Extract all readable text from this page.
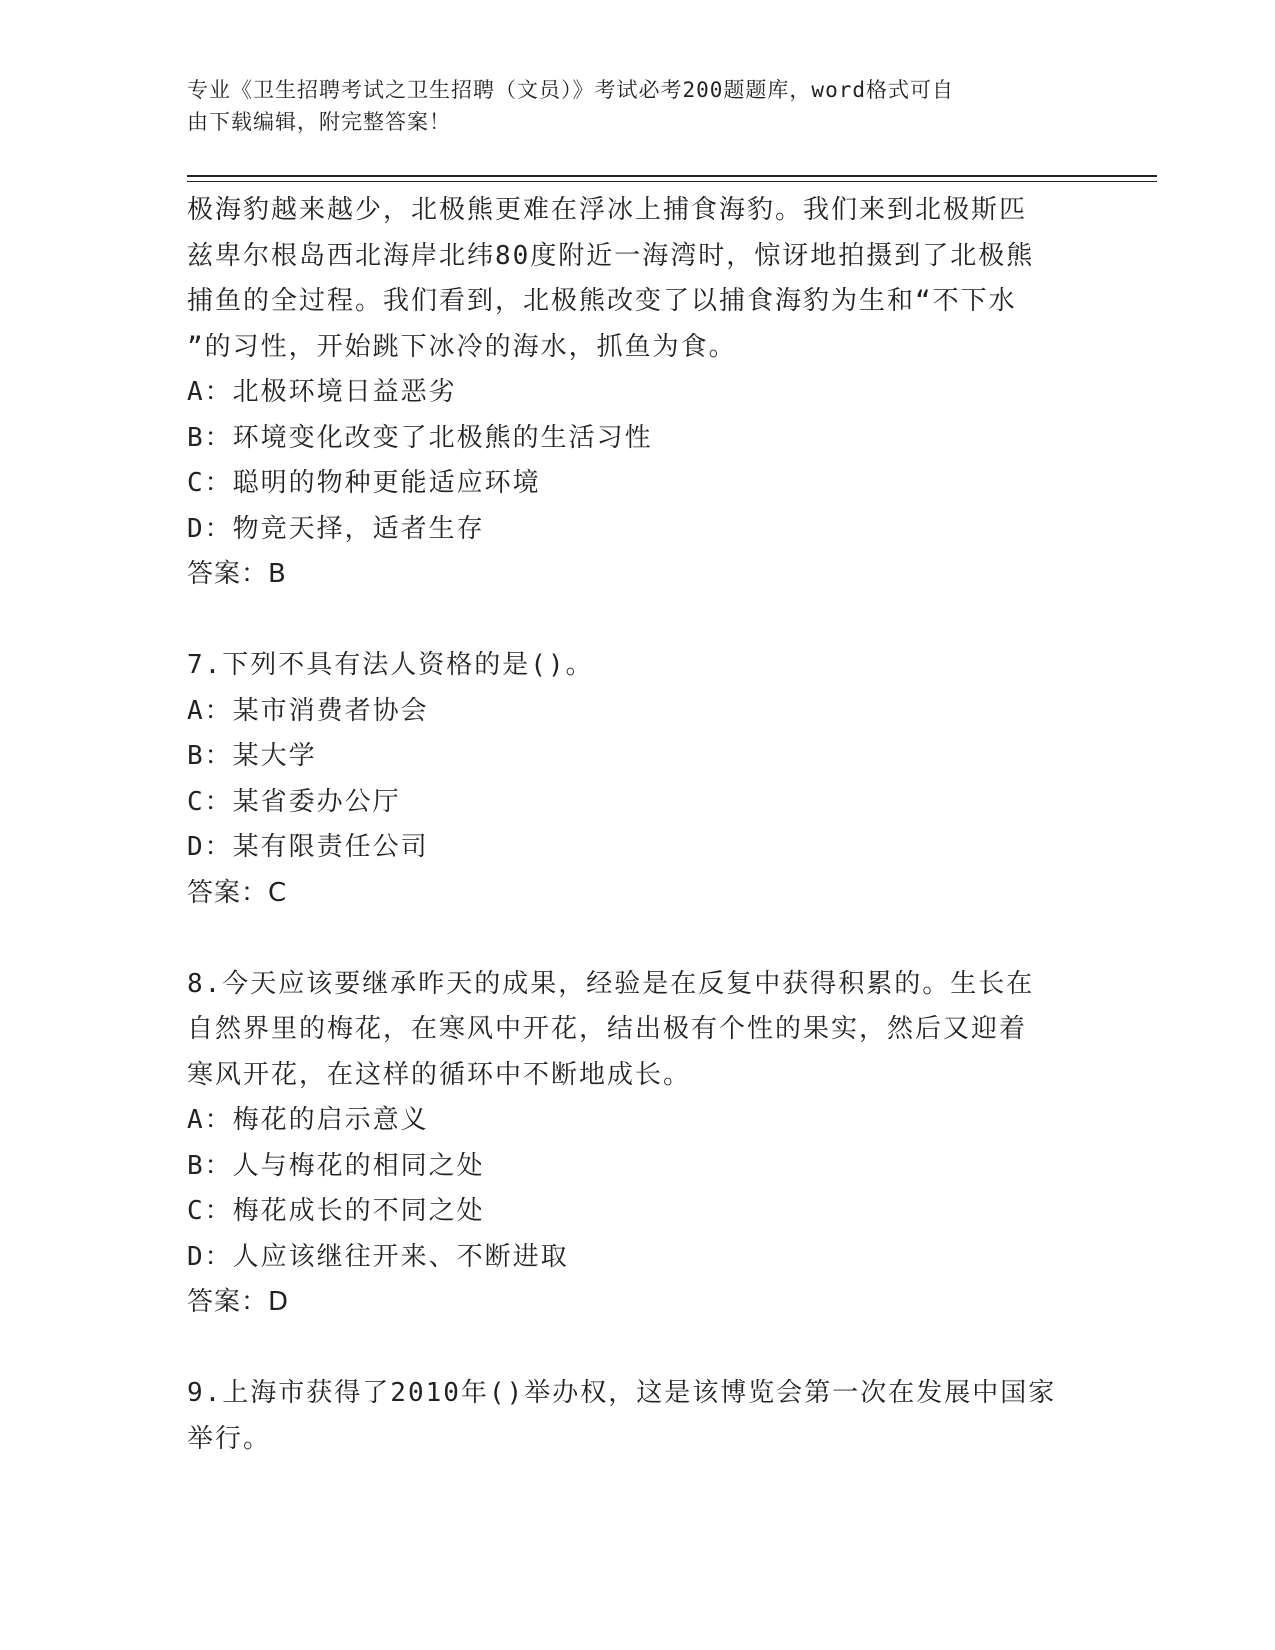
专业《卫生招聘考试之卫生招聘（文员）》考试必考200题题库，word格式可自
由下载编辑，附完整答案！

极海豹越来越少，北极熊更难在浮冰上捕食海豹。我们来到北极斯匹

兹卑尔根岛西北海岸北纬80度附近一海湾时，惊讶地拍摄到了北极熊

捕鱼的全过程。我们看到，北极熊改变了以捕食海豹为生和“不下水

”的习性，开始跳下冰冷的海水，抓鱼为食。

A：北极环境日益恶劣

B：环境变化改变了北极熊的生活习性

C：聪明的物种更能适应环境

D：物竞天择，适者生存

答案：B

7.下列不具有法人资格的是()。

A：某市消费者协会

B：某大学

C：某省委办公厅

D：某有限责任公司

答案：C

8.今天应该要继承昨天的成果，经验是在反复中获得积累的。生长在

自然界里的梅花，在寒风中开花，结出极有个性的果实，然后又迎着

寒风开花，在这样的循环中不断地成长。

A：梅花的启示意义

B：人与梅花的相同之处

C：梅花成长的不同之处

D：人应该继往开来、不断进取

答案：D

9.上海市获得了2010年()举办权，这是该博览会第一次在发展中国家

举行。
